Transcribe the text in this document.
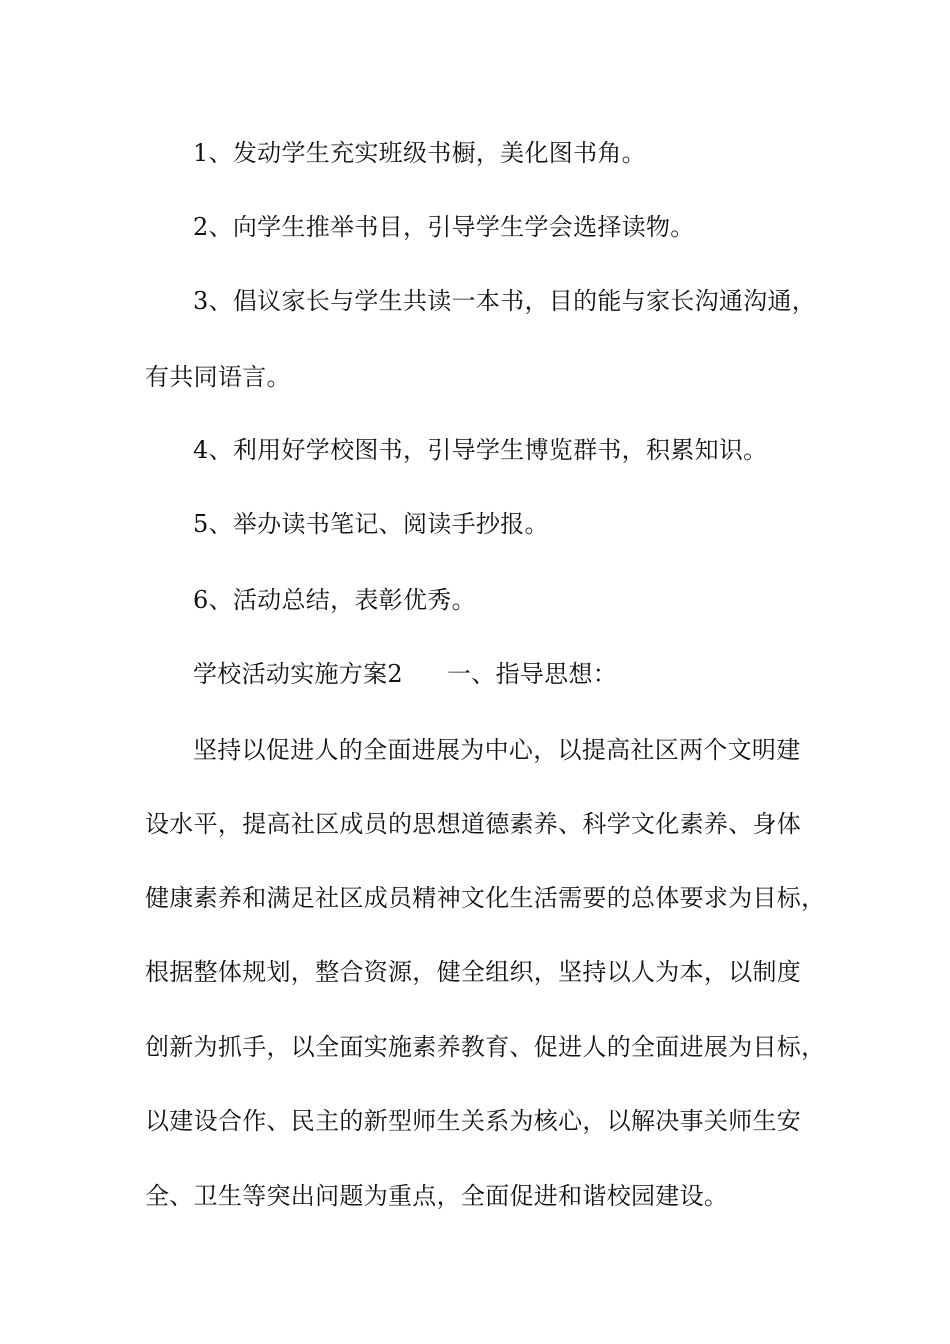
1、发动学生充实班级书橱，美化图书角。
2、向学生推举书目，引导学生学会选择读物。
3、倡议家长与学生共读一本书，目的能与家长沟通沟通，
有共同语言。
4、利用好学校图书，引导学生博览群书，积累知识。
5、举办读书笔记、阅读手抄报。
6、活动总结，表彰优秀。
学校活动实施方案2 一、指导思想：
坚持以促进人的全面进展为中心，以提高社区两个文明建
设水平，提高社区成员的思想道德素养、科学文化素养、身体
健康素养和满足社区成员精神文化生活需要的总体要求为目标，
根据整体规划，整合资源，健全组织，坚持以人为本，以制度
创新为抓手，以全面实施素养教育、促进人的全面进展为目标，
以建设合作、民主的新型师生关系为核心，以解决事关师生安
全、卫生等突出问题为重点，全面促进和谐校园建设。
